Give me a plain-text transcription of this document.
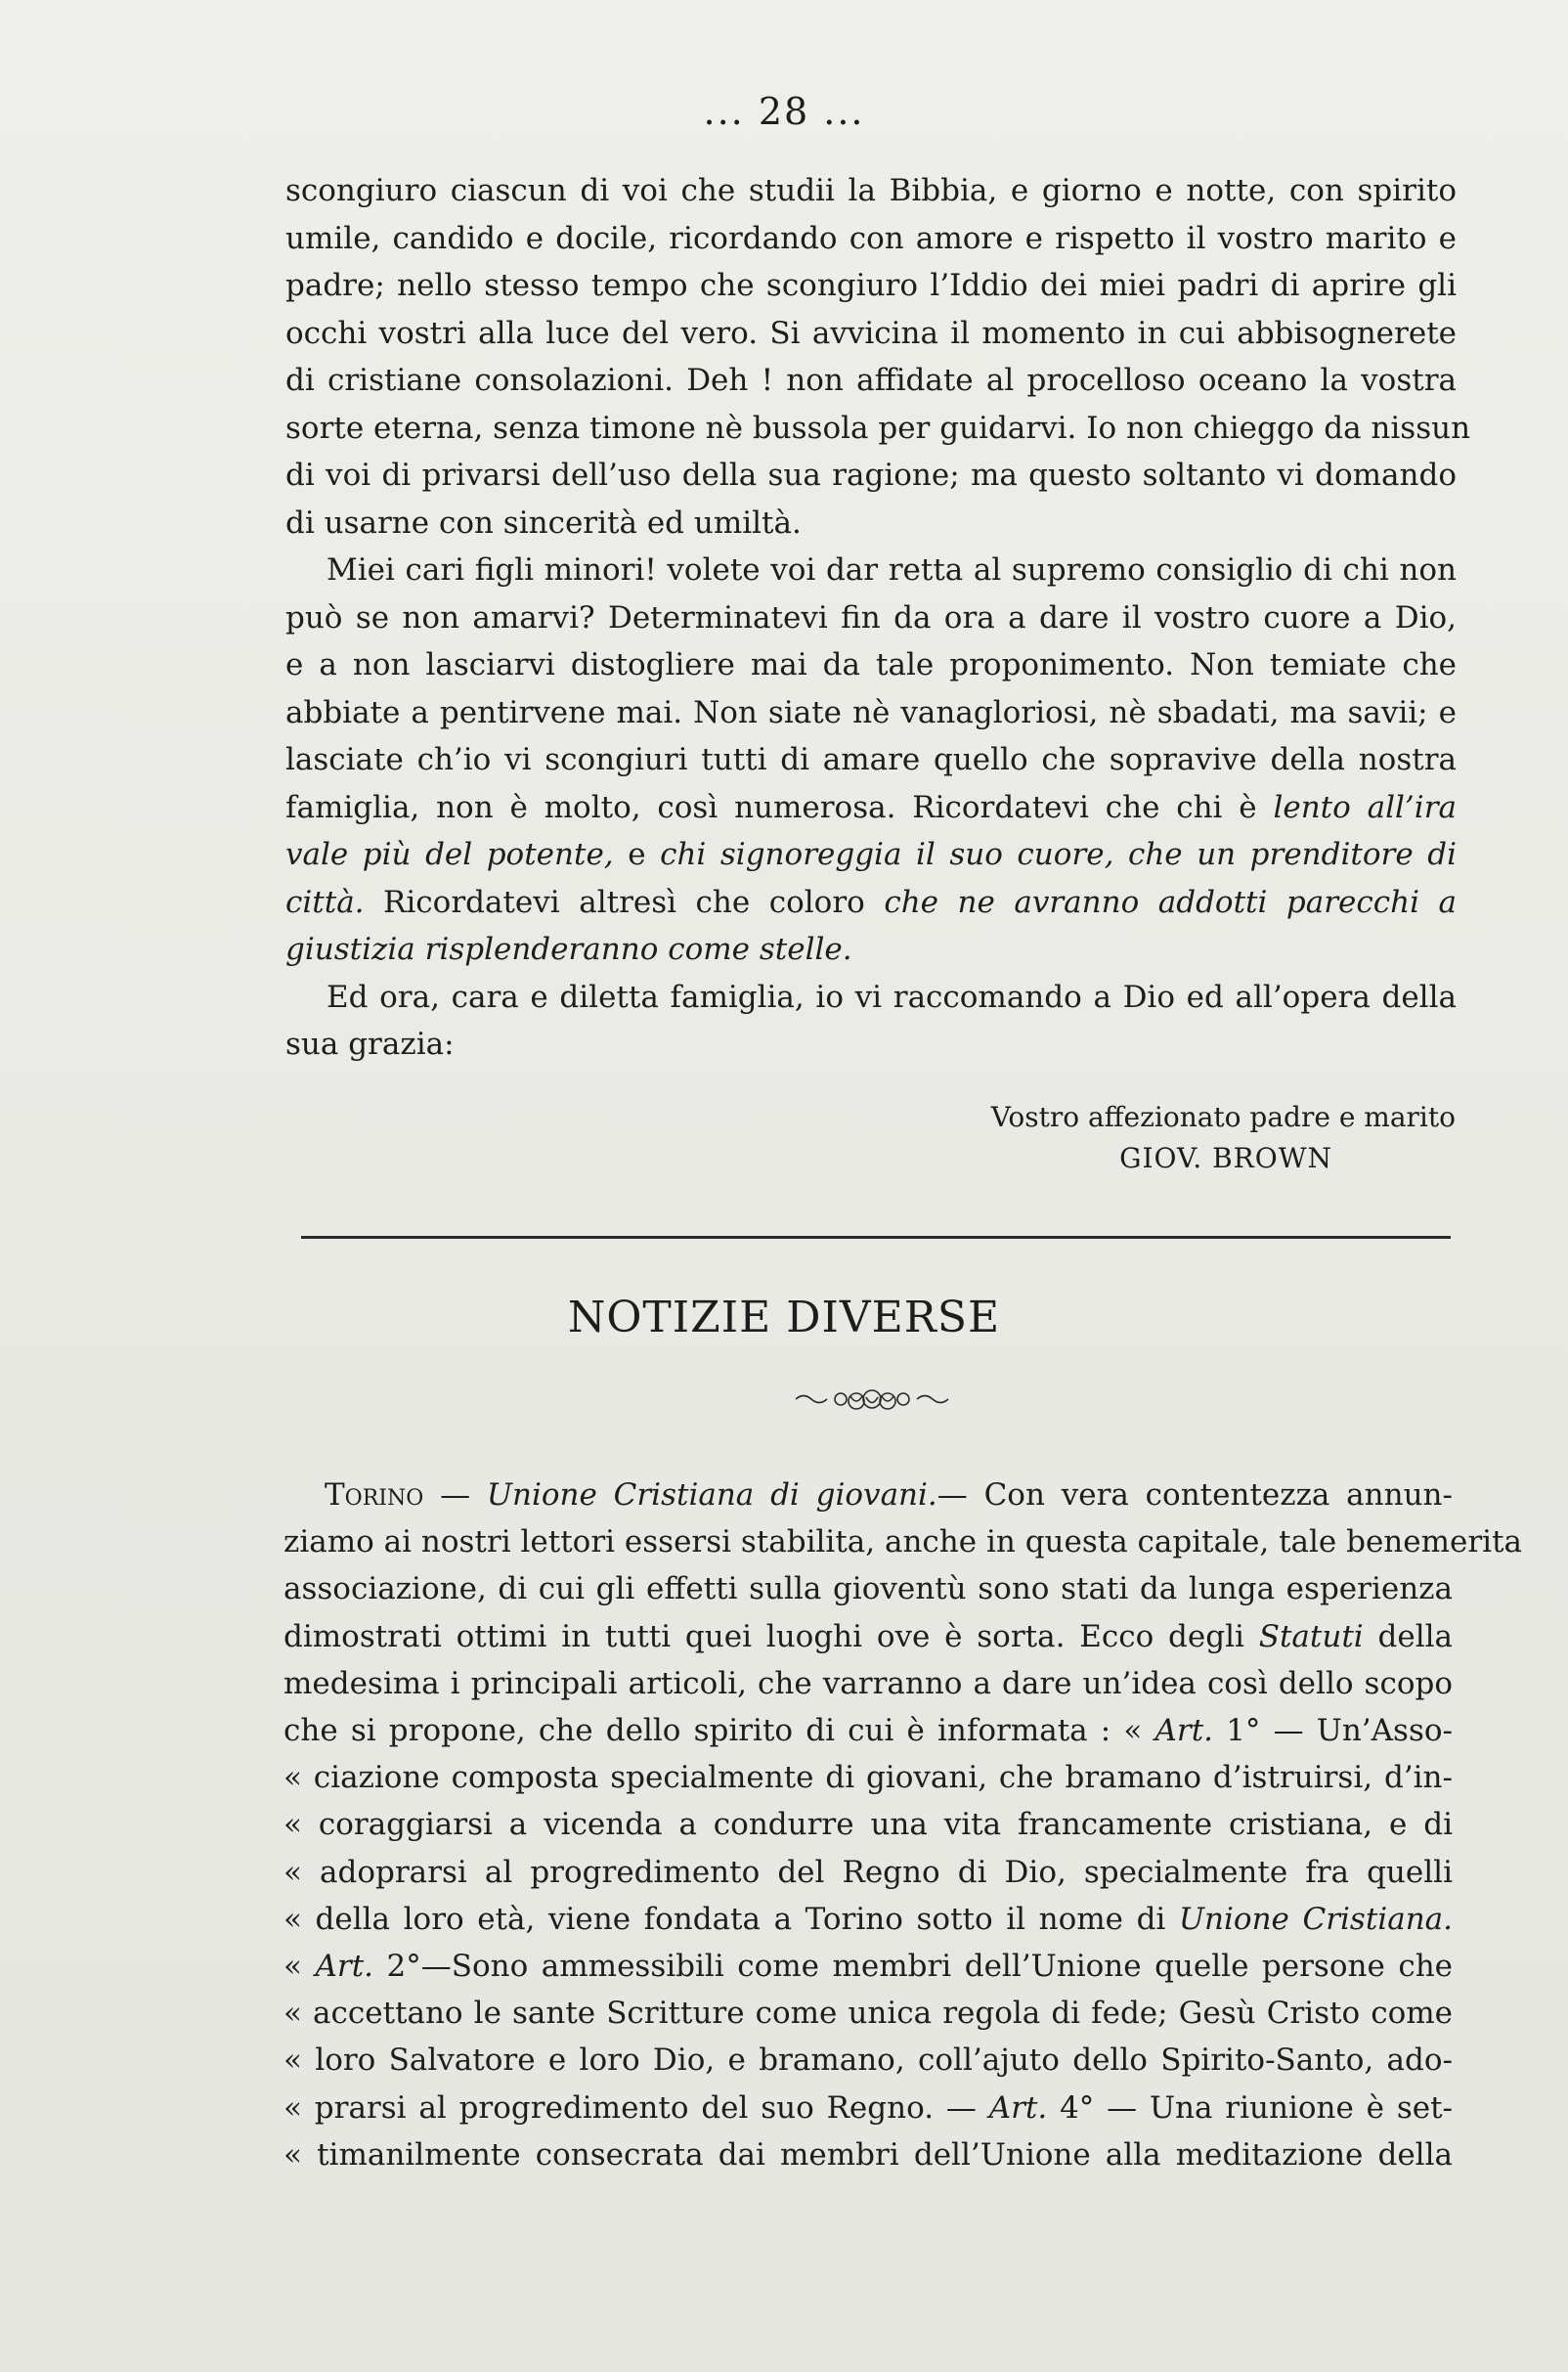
... 28 ...
scongiuro ciascun di voi che studii la Bibbia, e giorno e notte, con spirito
umile, candido e docile, ricordando con amore e rispetto il vostro marito e
padre; nello stesso tempo che scongiuro l’Iddio dei miei padri di aprire gli
occhi vostri alla luce del vero. Si avvicina il momento in cui abbisognerete
di cristiane consolazioni. Deh ! non affidate al procelloso oceano la vostra
sorte eterna, senza timone nè bussola per guidarvi. Io non chieggo da nissun
di voi di privarsi dell’uso della sua ragione; ma questo soltanto vi domando
di usarne con sincerità ed umiltà.
Miei cari figli minori! volete voi dar retta al supremo consiglio di chi non
può se non amarvi? Determinatevi fin da ora a dare il vostro cuore a Dio,
e a non lasciarvi distogliere mai da tale proponimento. Non temiate che
abbiate a pentirvene mai. Non siate nè vanagloriosi, nè sbadati, ma savii; e
lasciate ch’io vi scongiuri tutti di amare quello che sopravive della nostra
famiglia, non è molto, così numerosa. Ricordatevi che chi è lento all’ira
vale più del potente, e chi signoreggia il suo cuore, che un prenditore di
città. Ricordatevi altresì che coloro che ne avranno addotti parecchi a
giustizia risplenderanno come stelle.
Ed ora, cara e diletta famiglia, io vi raccomando a Dio ed all’opera della
sua grazia:
Vostro affezionato padre e marito
GIOV. BROWN
NOTIZIE DIVERSE
Torino — Unione Cristiana di giovani.— Con vera contentezza annun-
ziamo ai nostri lettori essersi stabilita, anche in questa capitale, tale benemerita
associazione, di cui gli effetti sulla gioventù sono stati da lunga esperienza
dimostrati ottimi in tutti quei luoghi ove è sorta. Ecco degli Statuti della
medesima i principali articoli, che varranno a dare un’idea così dello scopo
che si propone, che dello spirito di cui è informata : « Art. 1° — Un’Asso-
« ciazione composta specialmente di giovani, che bramano d’istruirsi, d’in-
« coraggiarsi a vicenda a condurre una vita francamente cristiana, e di
« adoprarsi al progredimento del Regno di Dio, specialmente fra quelli
« della loro età, viene fondata a Torino sotto il nome di Unione Cristiana.
« Art. 2°—Sono ammessibili come membri dell’Unione quelle persone che
« accettano le sante Scritture come unica regola di fede; Gesù Cristo come
« loro Salvatore e loro Dio, e bramano, coll’ajuto dello Spirito-Santo, ado-
« prarsi al progredimento del suo Regno. — Art. 4° — Una riunione è set-
« timanilmente consecrata dai membri dell’Unione alla meditazione della
